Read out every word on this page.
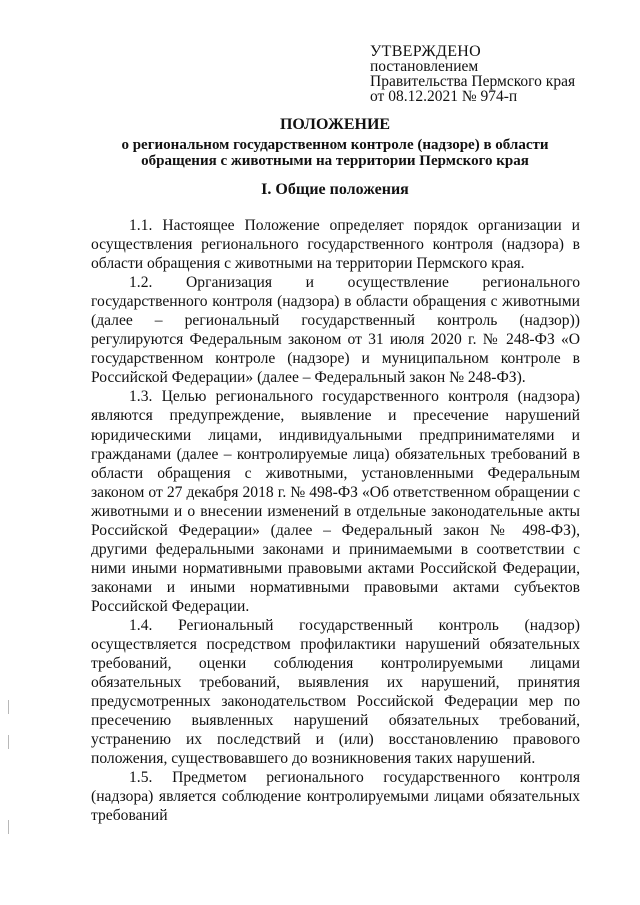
УТВЕРЖДЕНО
постановлением
Правительства Пермского края
от 08.12.2021 № 974-п
ПОЛОЖЕНИЕ
о региональном государственном контроле (надзоре) в области
обращения с животными на территории Пермского края
I. Общие положения

1.1. Настоящее Положение определяет порядок организации и осуществления регионального государственного контроля (надзора) в области обращения с животными на территории Пермского края.

1.2. Организация и осуществление регионального государственного контроля (надзора) в области обращения с животными (далее – региональный государственный контроль (надзор)) регулируются Федеральным законом от 31 июля 2020 г. № 248-ФЗ «О государственном контроле (надзоре) и муниципальном контроле в Российской Федерации» (далее – Федеральный закон № 248-ФЗ).

1.3. Целью регионального государственного контроля (надзора) являются предупреждение, выявление и пресечение нарушений юридическими лицами, индивидуальными предпринимателями и гражданами (далее – контролируемые лица) обязательных требований в области обращения с животными, установленными Федеральным законом от 27 декабря 2018 г. № 498-ФЗ «Об ответственном обращении с животными и о внесении изменений в отдельные законодательные акты Российской Федерации» (далее – Федеральный закон № 498-ФЗ), другими федеральными законами и принимаемыми в соответствии с ними иными нормативными правовыми актами Российской Федерации, законами и иными нормативными правовыми актами субъектов Российской Федерации.

1.4. Региональный государственный контроль (надзор) осуществляется посредством профилактики нарушений обязательных требований, оценки соблюдения контролируемыми лицами обязательных требований, выявления их нарушений, принятия предусмотренных законодательством Российской Федерации мер по пресечению выявленных нарушений обязательных требований, устранению их последствий и (или) восстановлению правового положения, существовавшего до возникновения таких нарушений.

1.5. Предметом регионального государственного контроля (надзора) является соблюдение контролируемыми лицами обязательных требований
